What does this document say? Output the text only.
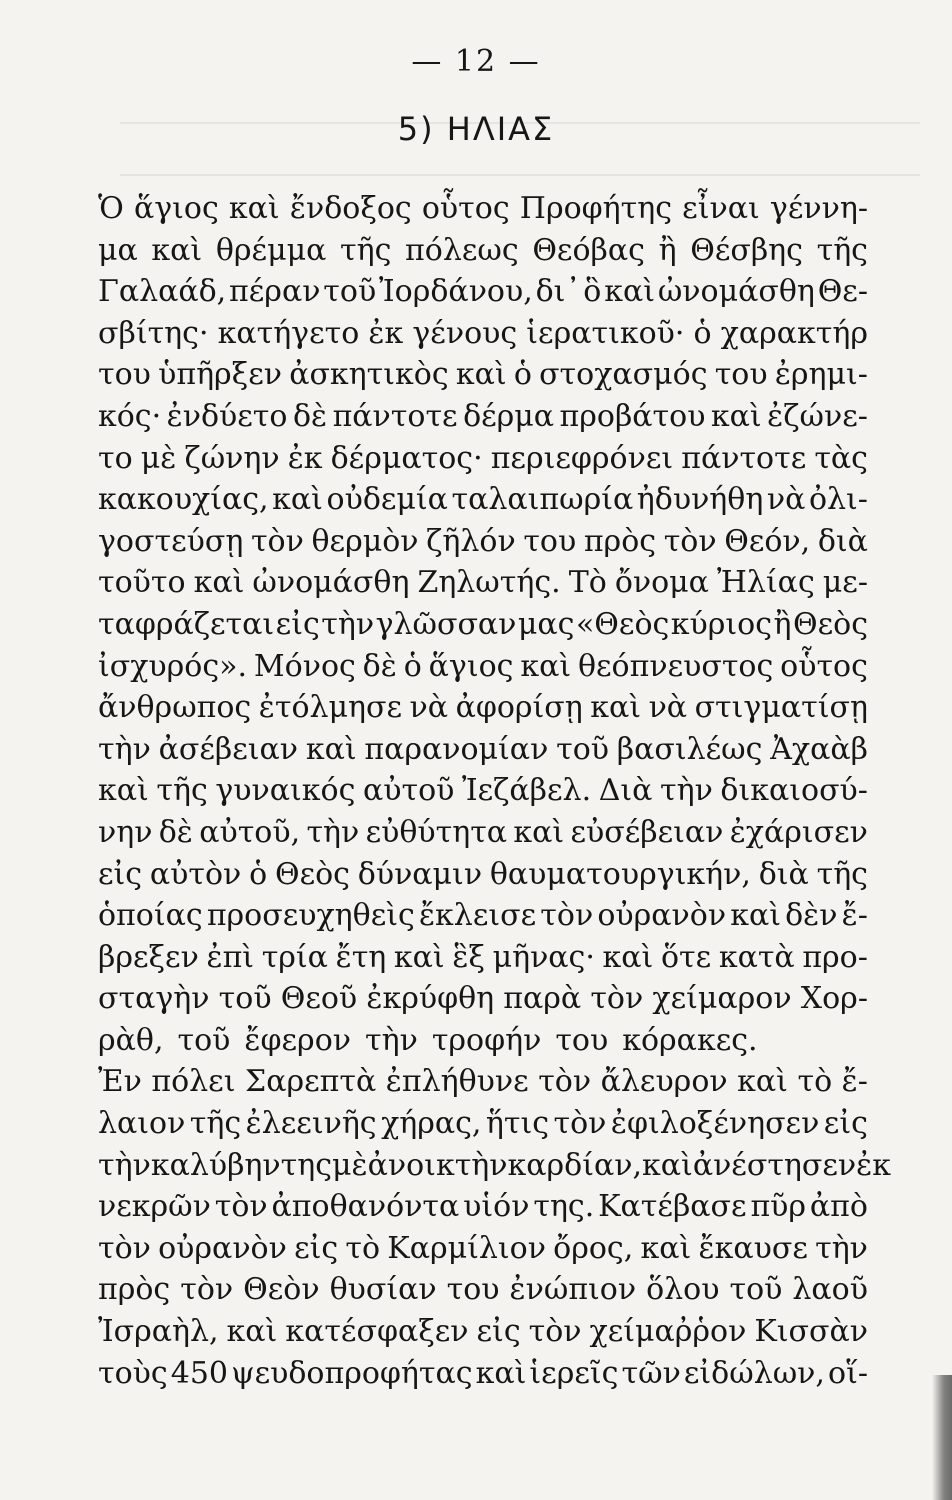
— 12 —
5) ΗΛΙΑΣ
Ὁ ἅγιος καὶ ἔνδοξος οὗτος Προφήτης εἶναι γέννη-
μα καὶ θρέμμα τῆς πόλεως Θεόβας ἢ Θέσβης τῆς
Γαλαάδ, πέραν τοῦ Ἰορδάνου, δι᾽ ὃ καὶ ὠνομάσθη Θε-
σβίτης· κατήγετο ἐκ γένους ἱερατικοῦ· ὁ χαρακτήρ
του ὑπῆρξεν ἀσκητικὸς καὶ ὁ στοχασμός του ἐρημι-
κός· ἐνδύετο δὲ πάντοτε δέρμα προβάτου καὶ ἐζώνε-
το μὲ ζώνην ἐκ δέρματος· περιεφρόνει πάντοτε τὰς
κακουχίας, καὶ οὐδεμία ταλαιπωρία ἠδυνήθη νὰ ὀλι-
γοστεύσῃ τὸν θερμὸν ζῆλόν του πρὸς τὸν Θεόν, διὰ
τοῦτο καὶ ὠνομάσθη Ζηλωτής. Τὸ ὄνομα Ἠλίας με-
ταφράζεται εἰς τὴν γλῶσσαν μας «Θεὸς κύριος ἢ Θεὸς
ἰσχυρός». Μόνος δὲ ὁ ἅγιος καὶ θεόπνευστος οὗτος
ἄνθρωπος ἐτόλμησε νὰ ἀφορίσῃ καὶ νὰ στιγματίσῃ
τὴν ἀσέβειαν καὶ παρανομίαν τοῦ βασιλέως Ἀχαὰβ
καὶ τῆς γυναικός αὐτοῦ Ἰεζάβελ. Διὰ τὴν δικαιοσύ-
νην δὲ αὐτοῦ, τὴν εὐθύτητα καὶ εὐσέβειαν ἐχάρισεν
εἰς αὐτὸν ὁ Θεὸς δύναμιν θαυματουργικήν, διὰ τῆς
ὁποίας προσευχηθεὶς ἔκλεισε τὸν οὐρανὸν καὶ δὲν ἔ-
βρεξεν ἐπὶ τρία ἔτη καὶ ἓξ μῆνας· καὶ ὅτε κατὰ προ-
σταγὴν τοῦ Θεοῦ ἐκρύφθη παρὰ τὸν χείμαρον Χορ-
ρὰθ, τοῦ ἔφερον τὴν τροφήν του κόρακες.
Ἐν πόλει Σαρεπτὰ ἐπλήθυνε τὸν ἄλευρον καὶ τὸ ἔ-
λαιον τῆς ἐλεεινῆς χήρας, ἥτις τὸν ἐφιλοξένησεν εἰς
τὴν καλύβην της μὲ ἀνοικτὴν καρδίαν, καὶ ἀνέστησεν ἐκ
νεκρῶν τὸν ἀποθανόντα υἱόν της. Κατέβασε πῦρ ἀπὸ
τὸν οὐρανὸν εἰς τὸ Καρμίλιον ὄρος, καὶ ἔκαυσε τὴν
πρὸς τὸν Θεὸν θυσίαν του ἐνώπιον ὅλου τοῦ λαοῦ
Ἰσραὴλ, καὶ κατέσφαξεν εἰς τὸν χείμαῤῥον Κισσὰν
τοὺς 450 ψευδοπροφήτας καὶ ἱερεῖς τῶν εἰδώλων, οἵ-
